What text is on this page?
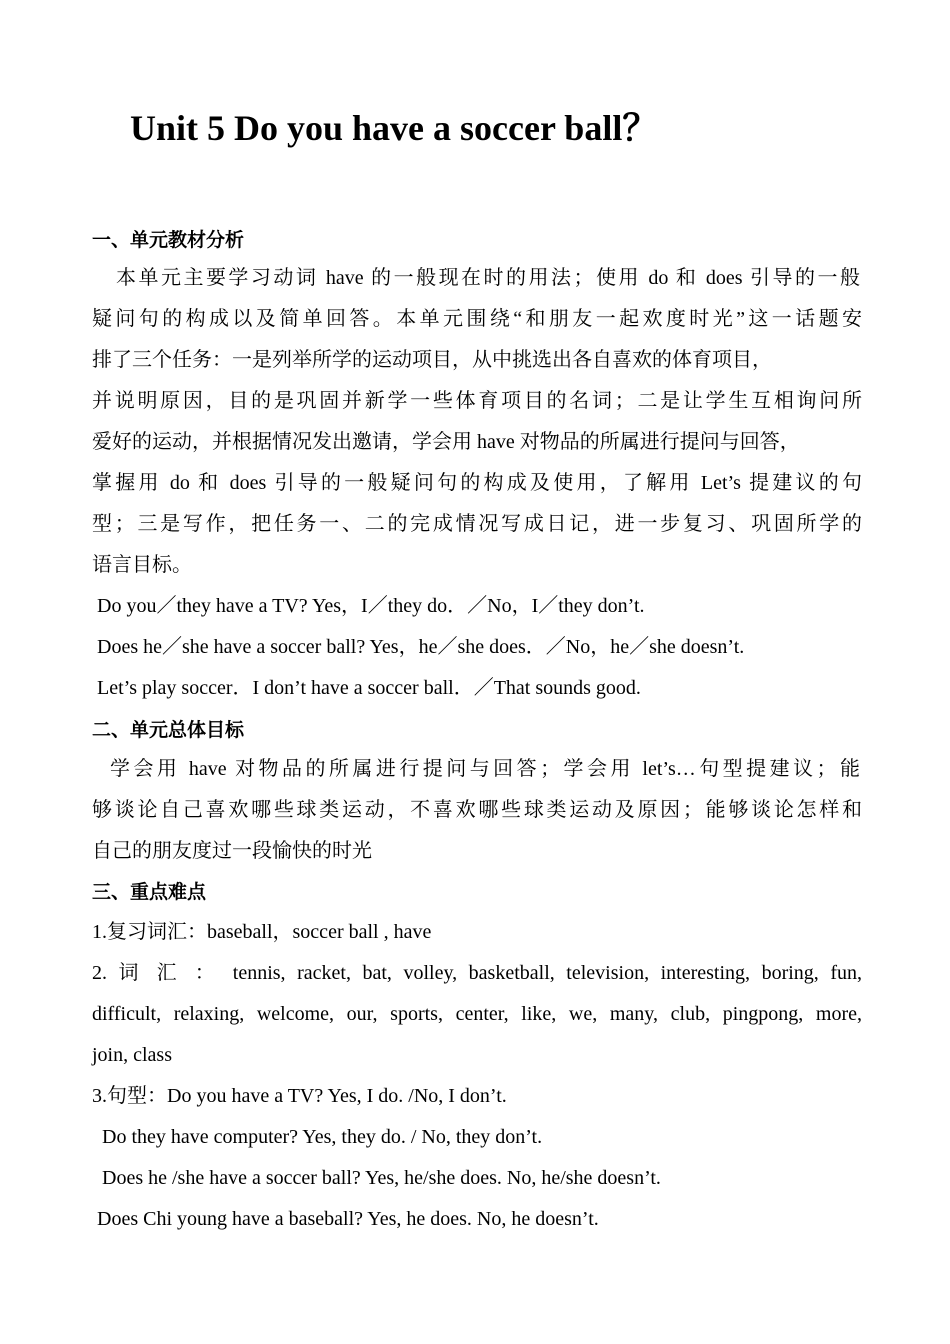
Unit 5 Do you have a soccer ball？
一、单元教材分析
本单元主要学习动词 have 的一般现在时的用法；使用 do 和 does 引导的一般
疑问句的构成以及简单回答。本单元围绕“和朋友一起欢度时光”这一话题安
排了三个任务：一是列举所学的运动项目，从中挑选出各自喜欢的体育项目，
并说明原因，目的是巩固并新学一些体育项目的名词；二是让学生互相询问所
爱好的运动，并根据情况发出邀请，学会用 have 对物品的所属进行提问与回答，
掌握用 do 和 does 引导的一般疑问句的构成及使用，了解用 Let’s 提建议的句
型；三是写作，把任务一、二的完成情况写成日记，进一步复习、巩固所学的
语言目标。
Do you／they have a TV? Yes，I／they do．／No，I／they don’t.
Does he／she have a soccer ball? Yes，he／she does．／No，he／she doesn’t.
Let’s play soccer．I don’t have a soccer ball．／That sounds good.
二、单元总体目标
学会用 have 对物品的所属进行提问与回答；学会用 let’s…句型提建议；能
够谈论自己喜欢哪些球类运动，不喜欢哪些球类运动及原因；能够谈论怎样和
自己的朋友度过一段愉快的时光
三、重点难点
1.复习词汇：baseball，soccer ball , have
2. 词 汇 ： tennis, racket, bat, volley, basketball, television, interesting, boring, fun,
difficult, relaxing, welcome, our, sports, center, like, we, many, club, pingpong, more,
join, class
3.句型：Do you have a TV? Yes, I do. /No, I don’t.
Do they have computer? Yes, they do. / No, they don’t.
Does he /she have a soccer ball? Yes, he/she does. No, he/she doesn’t.
Does Chi young have a baseball? Yes, he does. No, he doesn’t.
